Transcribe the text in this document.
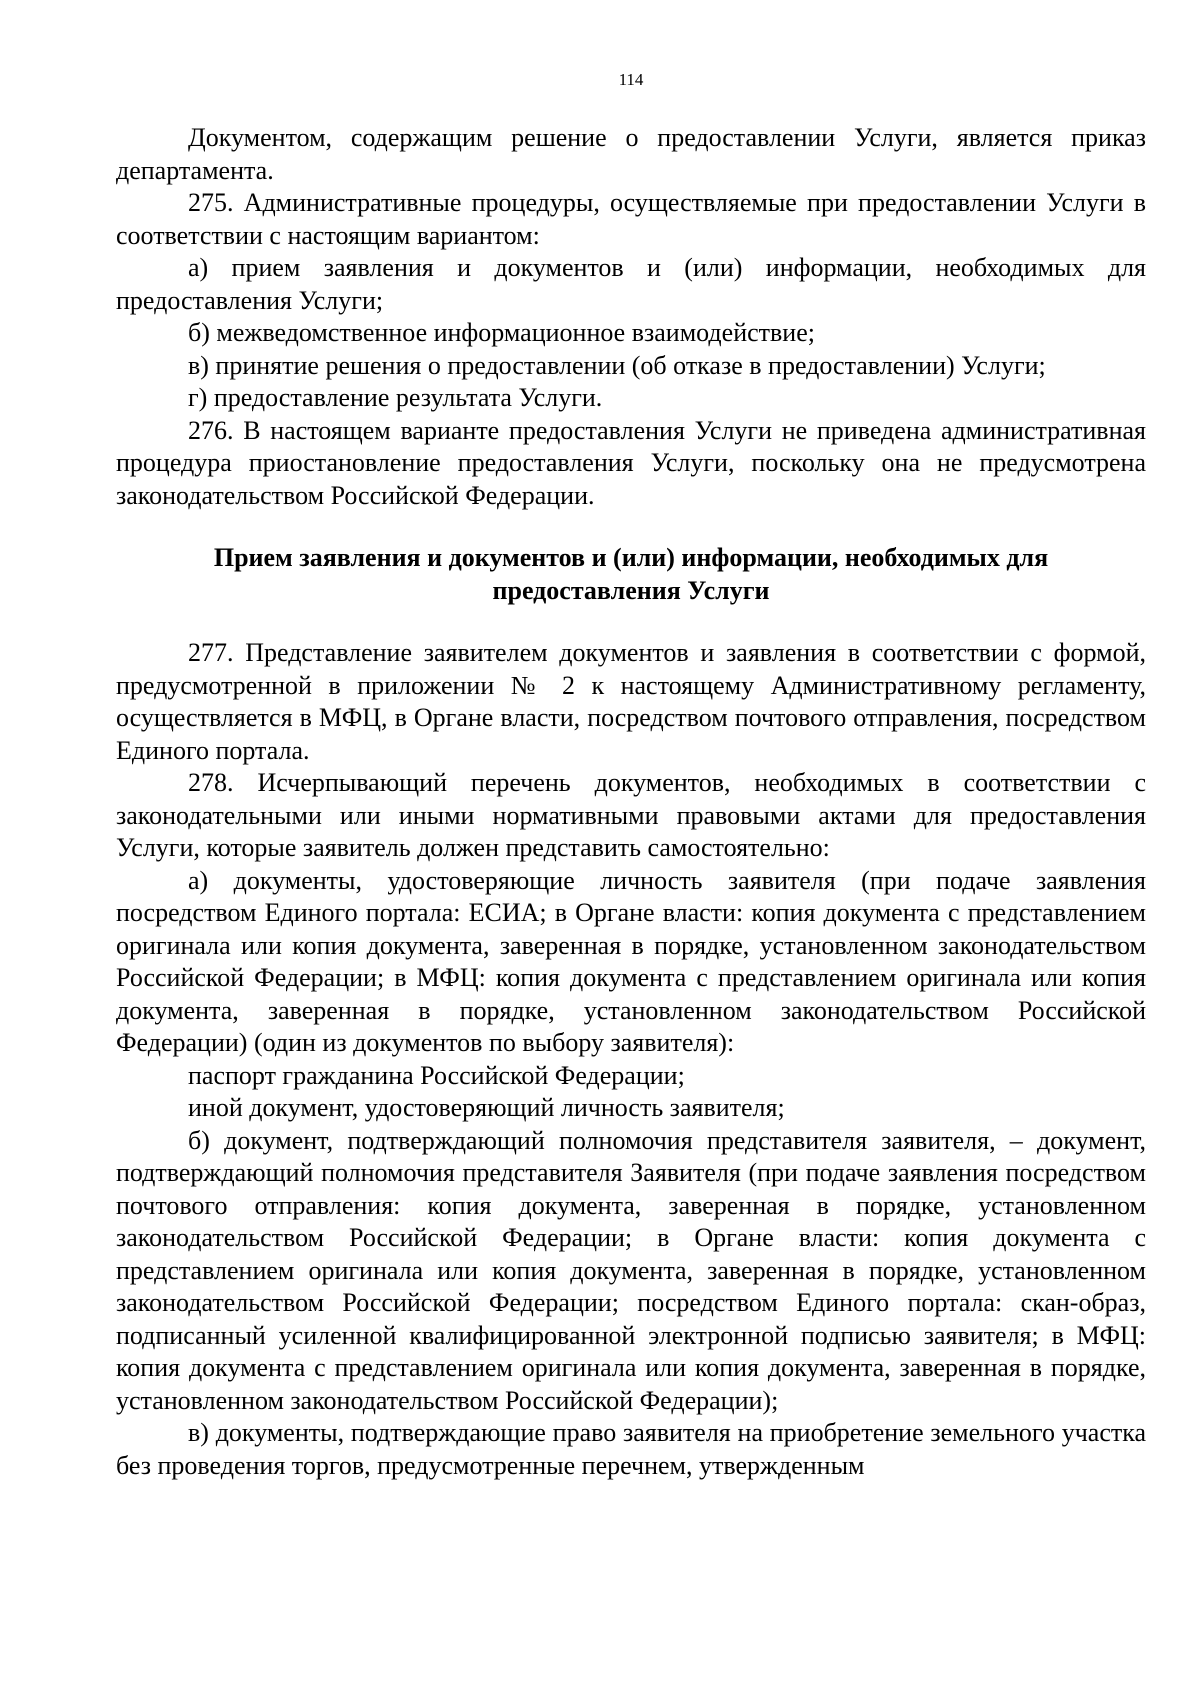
114

Документом, содержащим решение о предоставлении Услуги, является приказ департамента.

275. Административные процедуры, осуществляемые при предоставлении Услуги в соответствии с настоящим вариантом:

а) прием заявления и документов и (или) информации, необходимых для предоставления Услуги;

б) межведомственное информационное взаимодействие;

в) принятие решения о предоставлении (об отказе в предоставлении) Услуги;

г) предоставление результата Услуги.

276. В настоящем варианте предоставления Услуги не приведена административная процедура приостановление предоставления Услуги, поскольку она не предусмотрена законодательством Российской Федерации.

Прием заявления и документов и (или) информации, необходимых для предоставления Услуги

277. Представление заявителем документов и заявления в соответствии с формой, предусмотренной в приложении № 2 к настоящему Административному регламенту, осуществляется в МФЦ, в Органе власти, посредством почтового отправления, посредством Единого портала.

278. Исчерпывающий перечень документов, необходимых в соответствии с законодательными или иными нормативными правовыми актами для предоставления Услуги, которые заявитель должен представить самостоятельно:

а) документы, удостоверяющие личность заявителя (при подаче заявления посредством Единого портала: ЕСИА; в Органе власти: копия документа с представлением оригинала или копия документа, заверенная в порядке, установленном законодательством Российской Федерации; в МФЦ: копия документа с представлением оригинала или копия документа, заверенная в порядке, установленном законодательством Российской Федерации) (один из документов по выбору заявителя):

паспорт гражданина Российской Федерации;

иной документ, удостоверяющий личность заявителя;

б) документ, подтверждающий полномочия представителя заявителя, – документ, подтверждающий полномочия представителя Заявителя (при подаче заявления посредством почтового отправления: копия документа, заверенная в порядке, установленном законодательством Российской Федерации; в Органе власти: копия документа с представлением оригинала или копия документа, заверенная в порядке, установленном законодательством Российской Федерации; посредством Единого портала: скан-образ, подписанный усиленной квалифицированной электронной подписью заявителя; в МФЦ: копия документа с представлением оригинала или копия документа, заверенная в порядке, установленном законодательством Российской Федерации);

в) документы, подтверждающие право заявителя на приобретение земельного участка без проведения торгов, предусмотренные перечнем, утвержденным
